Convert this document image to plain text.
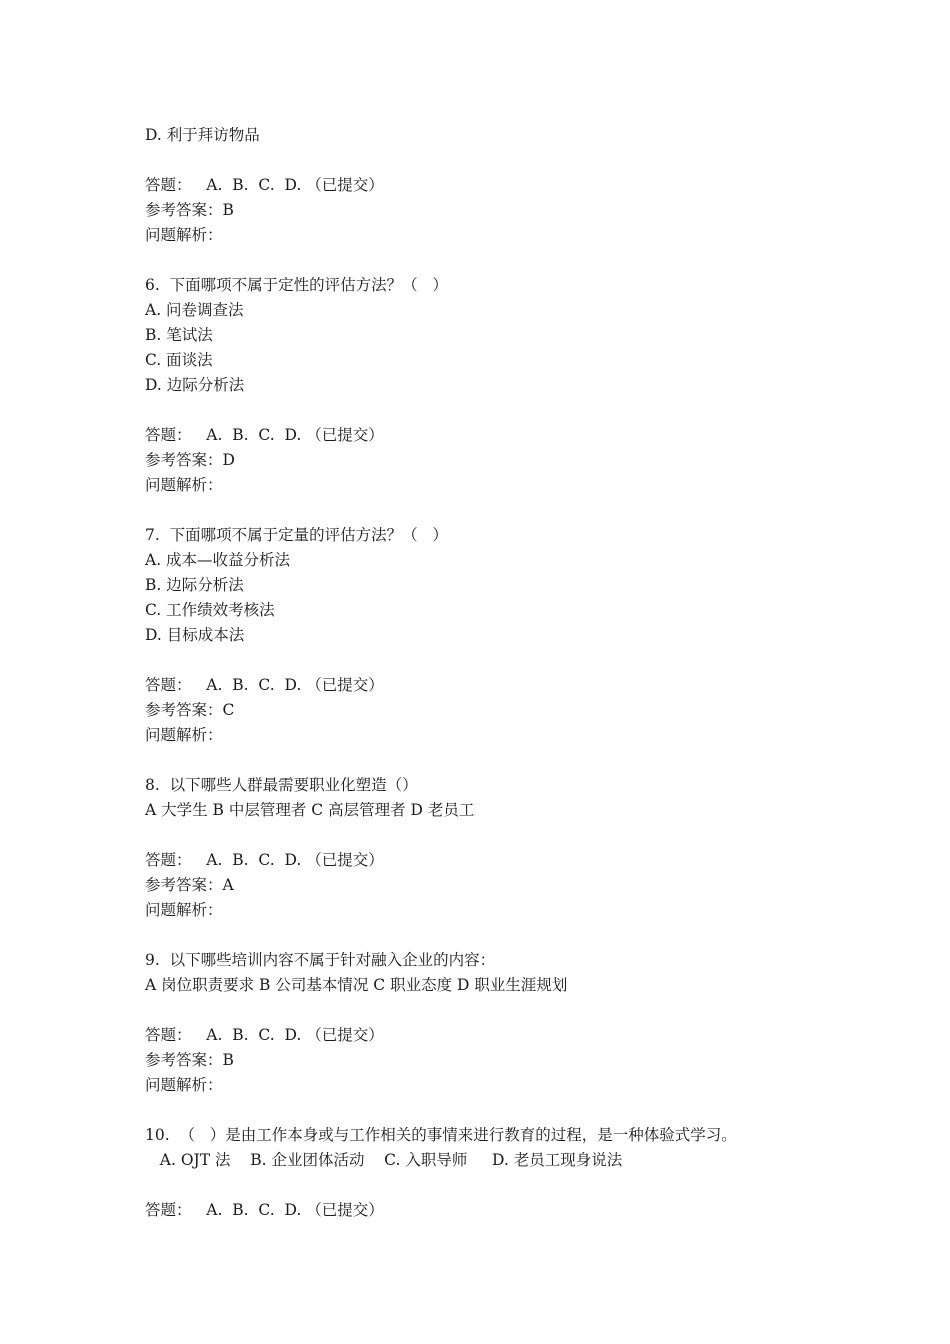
D. 利于拜访物品
答题：   A.  B.  C.  D. （已提交）
参考答案：B
问题解析：
6.  下面哪项不属于定性的评估方法？（   ）
A. 问卷调查法
B. 笔试法
C. 面谈法
D. 边际分析法
答题：   A.  B.  C.  D. （已提交）
参考答案：D
问题解析：
7.  下面哪项不属于定量的评估方法？（   ）
A. 成本—收益分析法
B. 边际分析法
C. 工作绩效考核法
D. 目标成本法
答题：   A.  B.  C.  D. （已提交）
参考答案：C
问题解析：
8.  以下哪些人群最需要职业化塑造（）
A 大学生 B 中层管理者 C 高层管理者 D 老员工
答题：   A.  B.  C.  D. （已提交）
参考答案：A
问题解析：
9.  以下哪些培训内容不属于针对融入企业的内容：
A 岗位职责要求 B 公司基本情况 C 职业态度 D 职业生涯规划
答题：   A.  B.  C.  D. （已提交）
参考答案：B
问题解析：
10.  （   ）是由工作本身或与工作相关的事情来进行教育的过程，是一种体验式学习。
A. OJT 法    B. 企业团体活动    C. 入职导师     D. 老员工现身说法
答题：   A.  B.  C.  D. （已提交）
